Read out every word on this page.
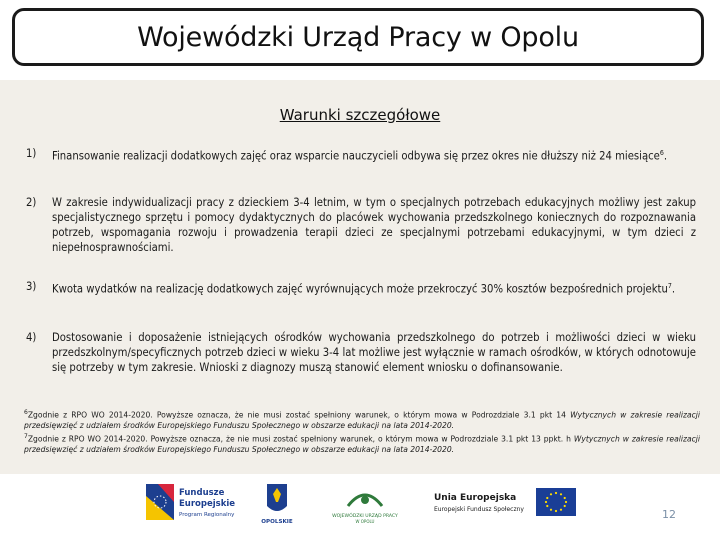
Wojewódzki Urząd Pracy w Opolu
Warunki szczegółowe
1)	Finansowanie realizacji dodatkowych zajęć oraz wsparcie nauczycieli odbywa się przez okres nie dłuższy niż 24 miesiące$^6$.
2)	W zakresie indywidualizacji pracy z dzieckiem 3-4 letnim, w tym o specjalnych potrzebach edukacyjnych możliwy jest zakup specjalistycznego sprzętu i pomocy dydaktycznych do placówek wychowania przedszkolnego koniecznych do rozpoznawania potrzeb, wspomagania rozwoju i prowadzenia terapii dzieci ze specjalnymi potrzebami edukacyjnymi, w tym dzieci z niepełnosprawnościami.
3)	Kwota wydatków na realizację dodatkowych zajęć wyrównujących może przekroczyć 30% kosztów bezpośrednich projektu$^7$.
4)	Dostosowanie i doposażenie istniejących ośrodków wychowania przedszkolnego do potrzeb i możliwości dzieci w wieku przedszkolnym/specyficznych potrzeb dzieci w wieku 3-4 lat możliwe jest wyłącznie w ramach ośrodków, w których odnotowuje się potrzeby w tym zakresie. Wnioski z diagnozy muszą stanowić element wniosku o dofinansowanie.
$^6$Zgodnie z RPO WO 2014-2020. Powyższe oznacza, że nie musi zostać spełniony warunek, o którym mowa w Podrozdziale 3.1 pkt 14 Wytycznych w zakresie realizacji przedsięwzięć z udziałem środków Europejskiego Funduszu Społecznego w obszarze edukacji na lata 2014-2020.
$^7$Zgodnie z RPO WO 2014-2020. Powyższe oznacza, że nie musi zostać spełniony warunek, o którym mowa w Podrozdziale 3.1 pkt 13 ppkt. h Wytycznych w zakresie realizacji przedsięwzięć z udziałem środków Europejskiego Funduszu Społecznego w obszarze edukacji na lata 2014-2020.
Fundusze
Europejskie
Program Regionalny
OPOLSKIE
WOJEWÓDZKI URZĄD PRACY
W OPOLU
Unia Europejska
Europejski Fundusz Społeczny	12
